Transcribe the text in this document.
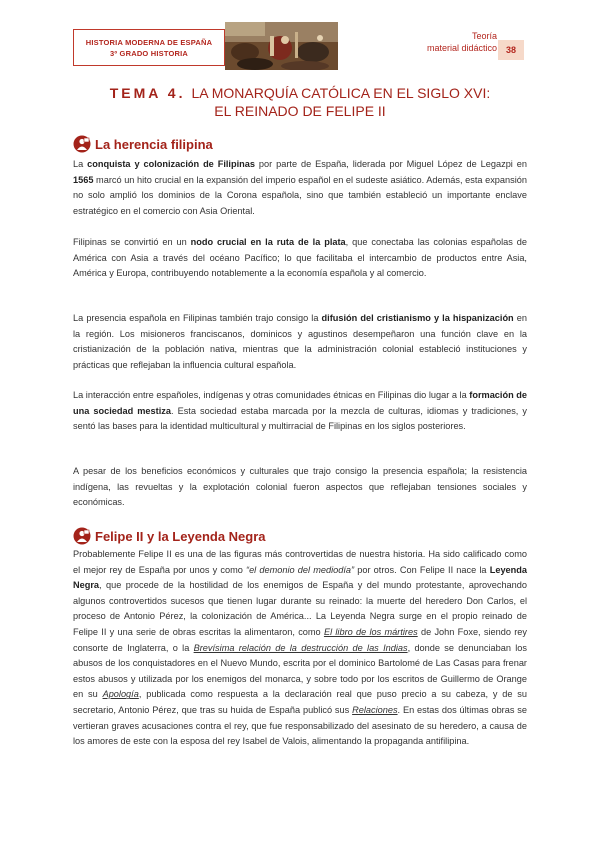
HISTORIA MODERNA DE ESPAÑA
3º GRADO HISTORIA
Teoría
material didáctico 38
TEMA 4. LA MONARQUÍA CATÓLICA EN EL SIGLO XVI:
EL REINADO DE FELIPE II
La herencia filipina

La conquista y colonización de Filipinas por parte de España, liderada por Miguel López de Legazpi en 1565 marcó un hito crucial en la expansión del imperio español en el sudeste asiático. Además, esta expansión no solo amplió los dominios de la Corona española, sino que también estableció un importante enclave estratégico en el comercio con Asia Oriental.

Filipinas se convirtió en un nodo crucial en la ruta de la plata, que conectaba las colonias españolas de América con Asia a través del océano Pacífico; lo que facilitaba el intercambio de productos entre Asia, América y Europa, contribuyendo notablemente a la economía española y al comercio.

La presencia española en Filipinas también trajo consigo la difusión del cristianismo y la hispanización en la región. Los misioneros franciscanos, dominicos y agustinos desempeñaron una función clave en la cristianización de la población nativa, mientras que la administración colonial estableció instituciones y prácticas que reflejaban la influencia cultural española.

La interacción entre españoles, indígenas y otras comunidades étnicas en Filipinas dio lugar a la formación de una sociedad mestiza. Esta sociedad estaba marcada por la mezcla de culturas, idiomas y tradiciones, y sentó las bases para la identidad multicultural y multirracial de Filipinas en los siglos posteriores.

A pesar de los beneficios económicos y culturales que trajo consigo la presencia española; la resistencia indígena, las revueltas y la explotación colonial fueron aspectos que reflejaban tensiones sociales y económicas.

Felipe II y la Leyenda Negra

Probablemente Felipe II es una de las figuras más controvertidas de nuestra historia. Ha sido calificado como el mejor rey de España por unos y como “el demonio del mediodía” por otros. Con Felipe II nace la Leyenda Negra, que procede de la hostilidad de los enemigos de España y del mundo protestante, aprovechando algunos controvertidos sucesos que tienen lugar durante su reinado: la muerte del heredero Don Carlos, el proceso de Antonio Pérez, la colonización de América... La Leyenda Negra surge en el propio reinado de Felipe II y una serie de obras escritas la alimentaron, como El libro de los mártires de John Foxe, siendo rey consorte de Inglaterra, o la Brevísima relación de la destrucción de las Indias, donde se denunciaban los abusos de los conquistadores en el Nuevo Mundo, escrita por el dominico Bartolomé de Las Casas para frenar estos abusos y utilizada por los enemigos del monarca, y sobre todo por los escritos de Guillermo de Orange en su Apología, publicada como respuesta a la declaración real que puso precio a su cabeza, y de su secretario, Antonio Pérez, que tras su huida de España publicó sus Relaciones. En estas dos últimas obras se vertieran graves acusaciones contra el rey, que fue responsabilizado del asesinato de su heredero, a causa de los amores de este con la esposa del rey Isabel de Valois, alimentando la propaganda antifilipina.
